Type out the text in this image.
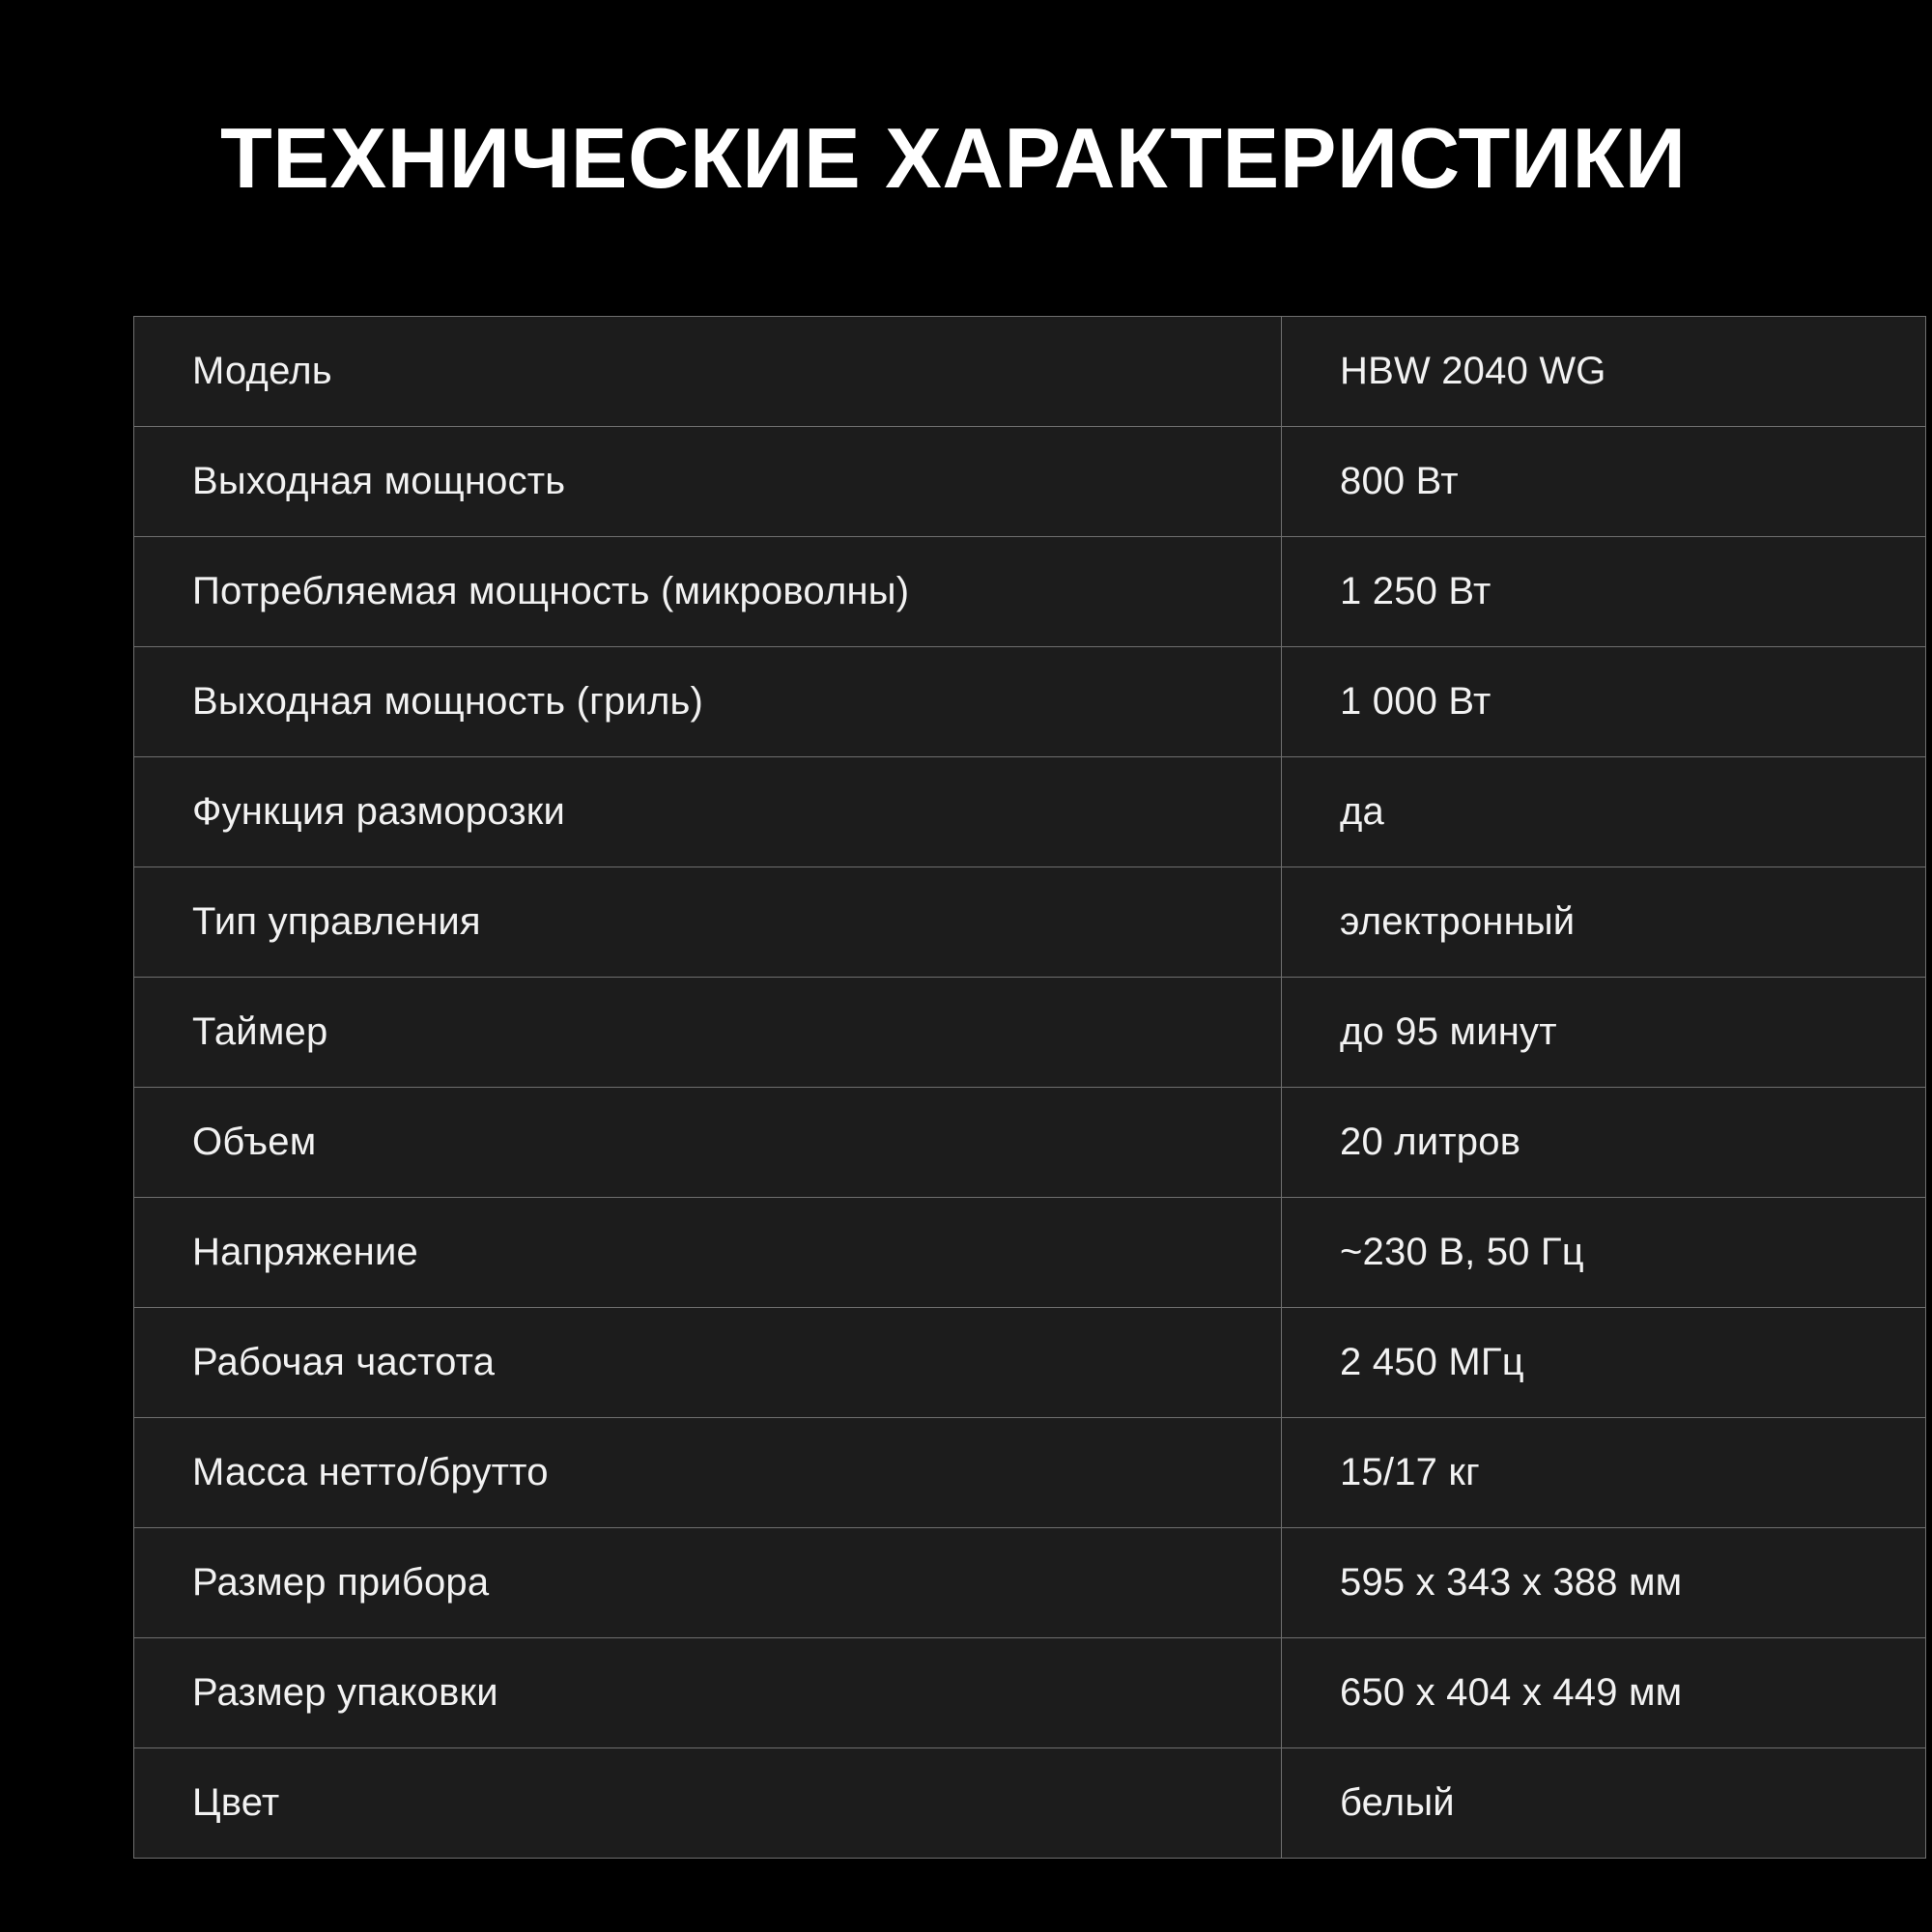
ТЕХНИЧЕСКИЕ ХАРАКТЕРИСТИКИ
Модель	HBW 2040 WG
Выходная мощность	800 Вт
Потребляемая мощность (микроволны)	1 250 Вт
Выходная мощность (гриль)	1 000 Вт
Функция разморозки	да
Тип управления	электронный
Таймер	до 95 минут
Объем	20 литров
Напряжение	~230 В, 50 Гц
Рабочая частота	2 450 МГц
Масса нетто/брутто	15/17 кг
Размер прибора	595 x 343 x 388 мм
Размер упаковки	650 x 404 x 449 мм
Цвет	белый
